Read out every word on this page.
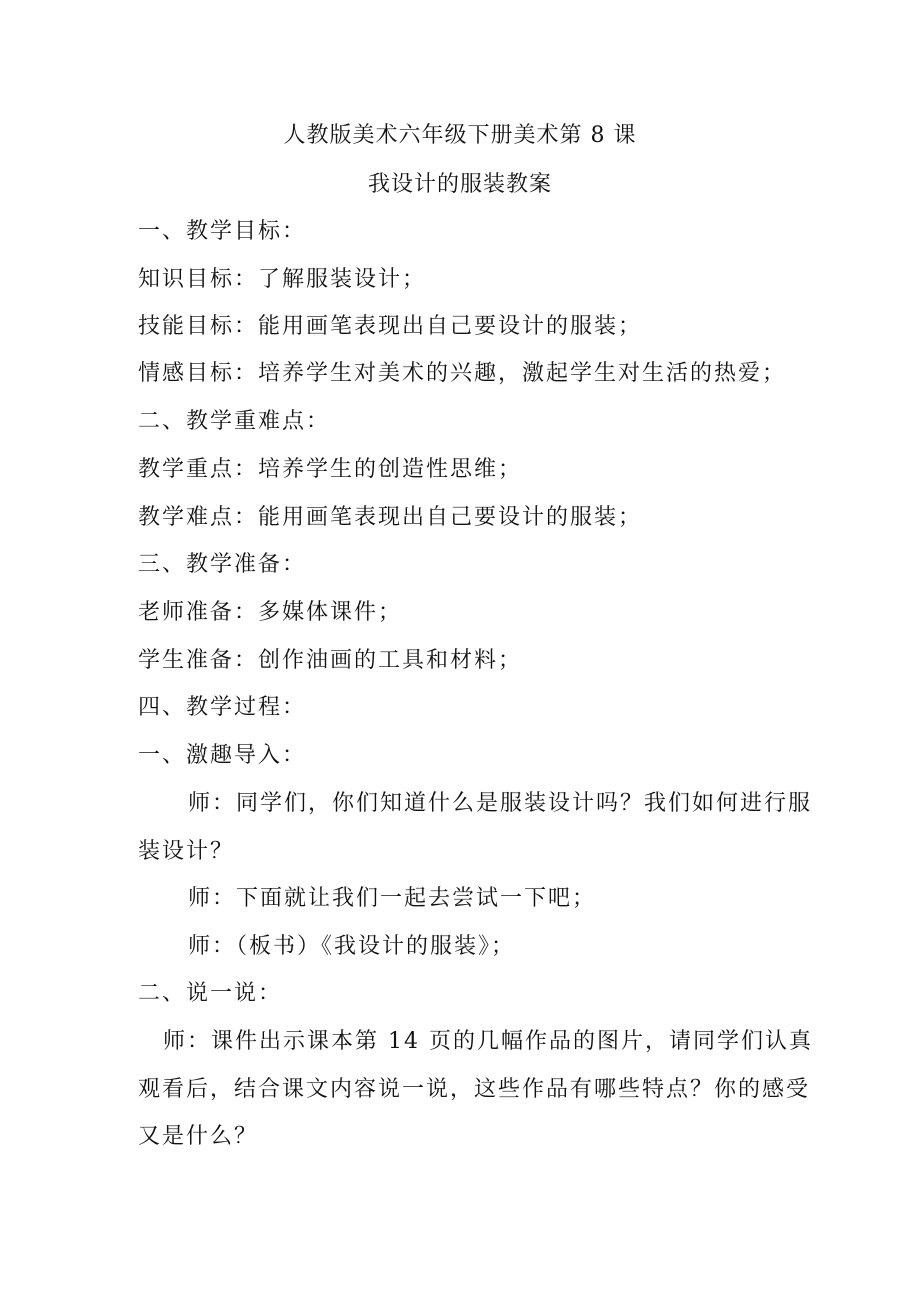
人教版美术六年级下册美术第 8 课
我设计的服装教案
一、教学目标：
知识目标：了解服装设计；
技能目标：能用画笔表现出自己要设计的服装；
情感目标：培养学生对美术的兴趣，激起学生对生活的热爱；
二、教学重难点：
教学重点：培养学生的创造性思维；
教学难点：能用画笔表现出自己要设计的服装；
三、教学准备：
老师准备：多媒体课件；
学生准备：创作油画的工具和材料；
四、教学过程：
一、激趣导入：
师：同学们，你们知道什么是服装设计吗？我们如何进行服
装设计？
师：下面就让我们一起去尝试一下吧；
师：（板书）《我设计的服装》；
二、说一说：
师：课件出示课本第 14 页的几幅作品的图片，请同学们认真
观看后，结合课文内容说一说，这些作品有哪些特点？你的感受
又是什么？
